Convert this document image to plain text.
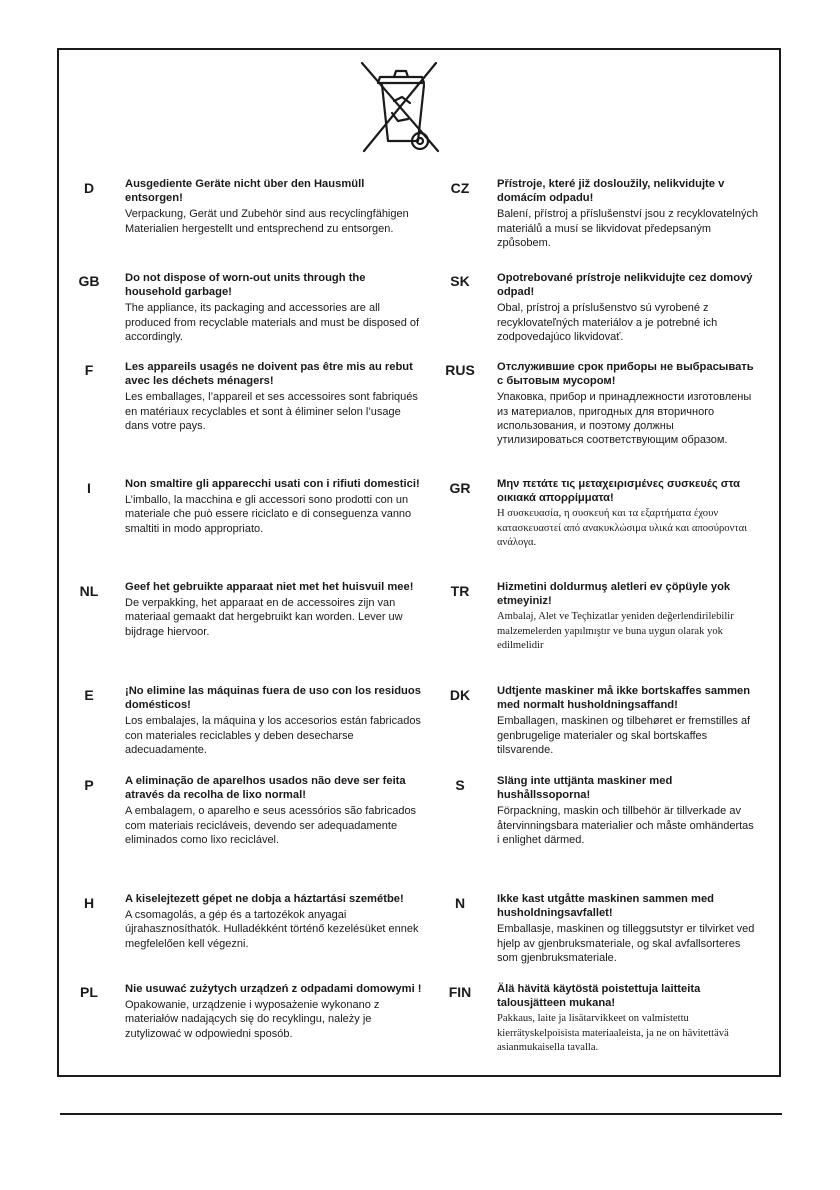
D	Ausgediente Geräte nicht über den Hausmüll entsorgen!

Verpackung, Gerät und Zubehör sind aus recyclingfähigen Materialien hergestellt und entsprechend zu entsorgen.

GB	Do not dispose of worn-out units through the household garbage!

The appliance, its packaging and accessories are all produced from recyclable materials and must be disposed of accordingly.

F	Les appareils usagés ne doivent pas être mis au rebut avec les déchets ménagers!

Les emballages, l’appareil et ses accessoires sont fabriqués en matériaux recyclables et sont à éliminer selon l’usage dans votre pays.

I	Non smaltire gli apparecchi usati con i rifiuti domestici!

L’imballo, la macchina e gli accessori sono prodotti con un materiale che può essere riciclato e di conseguenza vanno smaltiti in modo appropriato.

NL	Geef het gebruikte apparaat niet met het huisvuil mee!

De verpakking, het apparaat en de accessoires zijn van materiaal gemaakt dat hergebruikt kan worden. Lever uw bijdrage hiervoor.

E	¡No elimine las máquinas fuera de uso con los residuos domésticos!

Los embalajes, la máquina y los accesorios están fabricados con materiales reciclables y deben desecharse adecuadamente.

P	A eliminação de aparelhos usados não deve ser feita através da recolha de lixo normal!

A embalagem, o aparelho e seus acessórios são fabricados com materiais recicláveis, devendo ser adequadamente eliminados como lixo reciclável.

H	A kiselejtezett gépet ne dobja a háztartási szemétbe!

A csomagolás, a gép és a tartozékok anyagai újrahasznosíthatók. Hulladékként történő kezelésüket ennek megfelelően kell végezni.

PL	Nie usuwać zużytych urządzeń z odpadami domowymi !

Opakowanie, urządzenie i wyposażenie wykonano z materiałów nadających się do recyklingu, należy je zutylizować w odpowiedni sposób.

CZ	Přístroje, které již dosloužily, nelikvidujte v domácím odpadu!

Balení, přístroj a příslušenství jsou z recyklovatelných materiálů a musí se likvidovat předepsaným způsobem.

SK	Opotrebované prístroje nelikvidujte cez domový odpad!

Obal, prístroj a príslušenstvo sú vyrobené z recyklovateľných materiálov a je potrebné ich zodpovedajúco likvidovať.

RUS	Отслужившие срок приборы не выбрасывать с бытовым мусором!

Упаковка, прибор и принадлежности изготовлены из материалов, пригодных для вторичного использования, и поэтому должны утилизироваться соответствующим образом.

GR	Μην πετάτε τις μεταχειρισμένες συσκευές στα οικιακά απορρίμματα!

Η συσκευασία, η συσκευή και τα εξαρτήματα έχουν κατασκευαστεί από ανακυκλώσιμα υλικά και αποσύρονται ανάλογα.

TR	Hizmetini doldurmuş aletleri ev çöpüyle yok etmeyiniz!

Ambalaj, Alet ve Teçhizatlar yeniden değerlendirilebilir malzemelerden yapılmıştır ve buna uygun olarak yok edilmelidir

DK	Udtjente maskiner må ikke bortskaffes sammen med normalt husholdningsaffand!

Emballagen, maskinen og tilbehøret er fremstilles af genbrugelige materialer og skal bortskaffes tilsvarende.

S	Släng inte uttjänta maskiner med hushållssoporna!

Förpackning, maskin och tillbehör är tillverkade av återvinningsbara materialier och måste omhändertas i enlighet därmed.

N	Ikke kast utgåtte maskinen sammen med husholdningsavfallet!

Emballasje, maskinen og tilleggsutstyr er tilvirket ved hjelp av gjenbruksmateriale, og skal avfallsorteres som gjenbruksmateriale.

FIN	Älä hävitä käytöstä poistettuja laitteita talousjätteen mukana!

Pakkaus, laite ja lisätarvikkeet on valmistettu kierrätyskelpoisista materiaaleista, ja ne on hävitettävä asianmukaisella tavalla.
